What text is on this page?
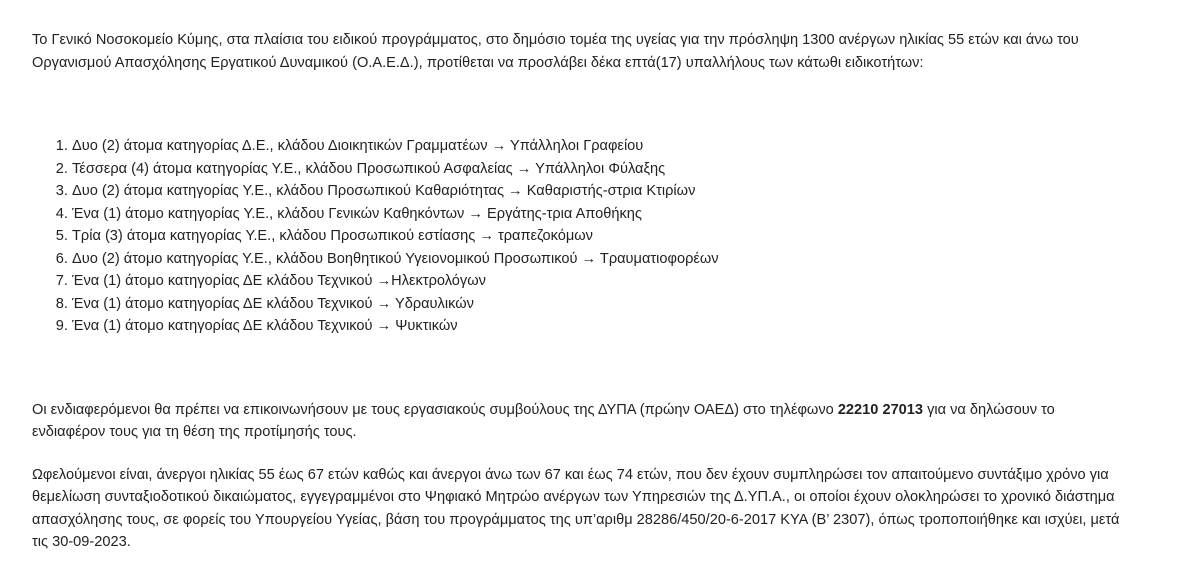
Το Γενικό Νοσοκομείο Κύμης, στα πλαίσια του ειδικού προγράμματος, στο δημόσιο τομέα της υγείας για την πρόσληψη 1300 ανέργων ηλικίας 55 ετών και άνω του Οργανισμού Απασχόλησης Εργατικού Δυναμικού (Ο.Α.Ε.Δ.), προτίθεται να προσλάβει δέκα επτά(17) υπαλλήλους των κάτωθι ειδικοτήτων:

1. Δυο (2) άτομα κατηγορίας Δ.Ε., κλάδου Διοικητικών Γραμματέων → Υπάλληλοι Γραφείου
2. Τέσσερα (4) άτομα κατηγορίας Υ.Ε., κλάδου Προσωπικού Ασφαλείας → Υπάλληλοι Φύλαξης
3. Δυο (2) άτομα κατηγορίας Υ.Ε., κλάδου Προσωπικού Καθαριότητας → Καθαριστής-στρια Κτιρίων
4. Ένα (1) άτομο κατηγορίας Υ.Ε., κλάδου Γενικών Καθηκόντων → Εργάτης-τρια Αποθήκης
5. Τρία (3) άτομα κατηγορίας Υ.Ε., κλάδου Προσωπικού εστίασης → τραπεζοκόμων
6. Δυο (2) άτομο κατηγορίας Υ.Ε., κλάδου Βοηθητικού Υγειονομικού Προσωπικού → Τραυματιοφορέων
7. Ένα (1) άτομο κατηγορίας ΔΕ κλάδου Τεχνικού →Ηλεκτρολόγων
8. Ένα (1) άτομο κατηγορίας ΔΕ κλάδου Τεχνικού → Υδραυλικών
9. Ένα (1) άτομο κατηγορίας ΔΕ κλάδου Τεχνικού → Ψυκτικών

Οι ενδιαφερόμενοι θα πρέπει να επικοινωνήσουν με τους εργασιακούς συμβούλους της ΔΥΠΑ (πρώην ΟΑΕΔ) στο τηλέφωνο 22210 27013 για να δηλώσουν το ενδιαφέρον τους για τη θέση της προτίμησής τους.

Ωφελούμενοι είναι, άνεργοι ηλικίας 55 έως 67 ετών καθώς και άνεργοι άνω των 67 και έως 74 ετών, που δεν έχουν συμπληρώσει τον απαιτούμενο συντάξιμο χρόνο για θεμελίωση συνταξιοδοτικού δικαιώματος, εγγεγραμμένοι στο Ψηφιακό Μητρώο ανέργων των Υπηρεσιών της Δ.ΥΠ.Α., οι οποίοι έχουν ολοκληρώσει το χρονικό διάστημα απασχόλησης τους, σε φορείς του Υπουργείου Υγείας, βάση του προγράμματος της υπ’αριθμ 28286/450/20-6-2017 ΚΥΑ (Β’ 2307), όπως τροποποιήθηκε και ισχύει, μετά τις 30-09-2023.
